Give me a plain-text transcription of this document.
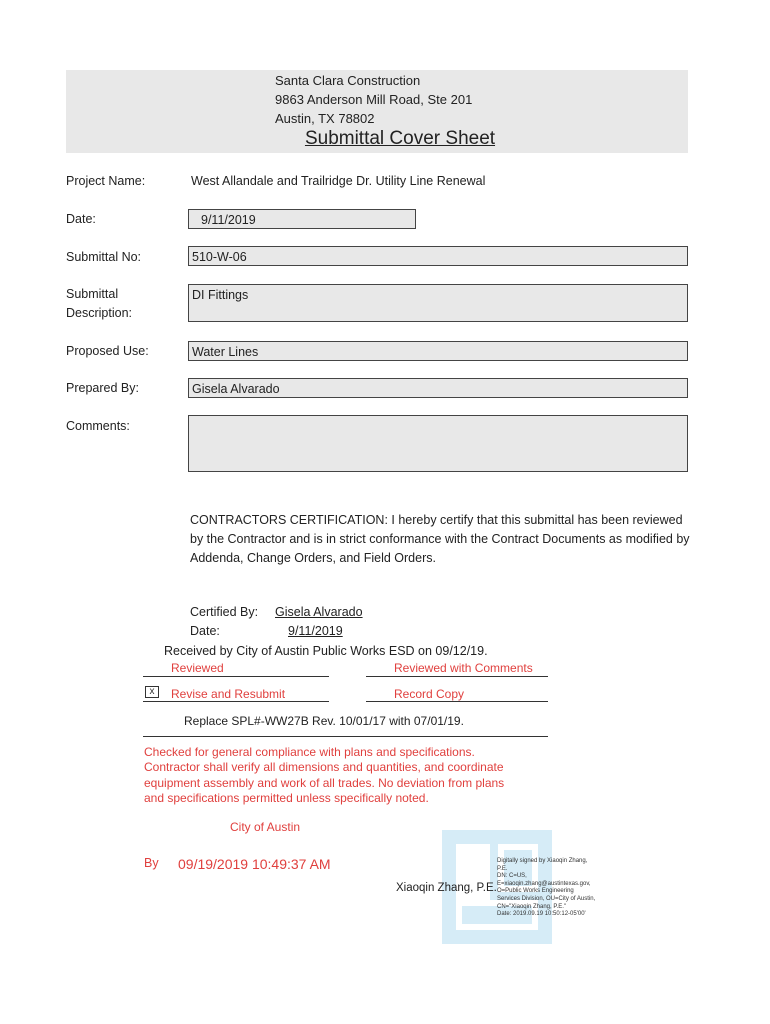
Santa Clara Construction
9863 Anderson Mill Road, Ste 201
Austin, TX 78802
Submittal Cover Sheet
Project Name:	West Allandale and Trailridge Dr. Utility Line Renewal
Date:	9/11/2019
Submittal No:	510-W-06
Submittal
Description:
DI Fittings
Proposed Use:	Water Lines
Prepared By:	Gisela Alvarado
Comments:
CONTRACTORS CERTIFICATION: I hereby certify that this submittal has been reviewed by the Contractor and is in strict conformance with the Contract Documents as modified by Addenda, Change Orders, and Field Orders.
Certified By: Gisela Alvarado
Date:	9/11/2019
Received by City of Austin Public Works ESD on 09/12/19.
Reviewed	Reviewed with Comments
x	Revise and Resubmit	Record Copy
Replace SPL#-WW27B Rev. 10/01/17 with 07/01/19.
Checked for general compliance with plans and specifications.
Contractor shall verify all dimensions and quantities, and coordinate
equipment assembly and work of all trades. No deviation from plans
and specifications permitted unless specifically noted.
City of Austin
By 09/19/2019 10:49:37 AM
Xiaoqin Zhang, P.E.
Digitally signed by Xiaoqin Zhang,
P.E.
DN: C=US,
E=xiaoqin.zhang@austintexas.gov,
O=Public Works Engineering
Services Division, OU=City of Austin,
CN="Xiaoqin Zhang, P.E."
Date: 2019.09.19 10:50:12-05'00'
